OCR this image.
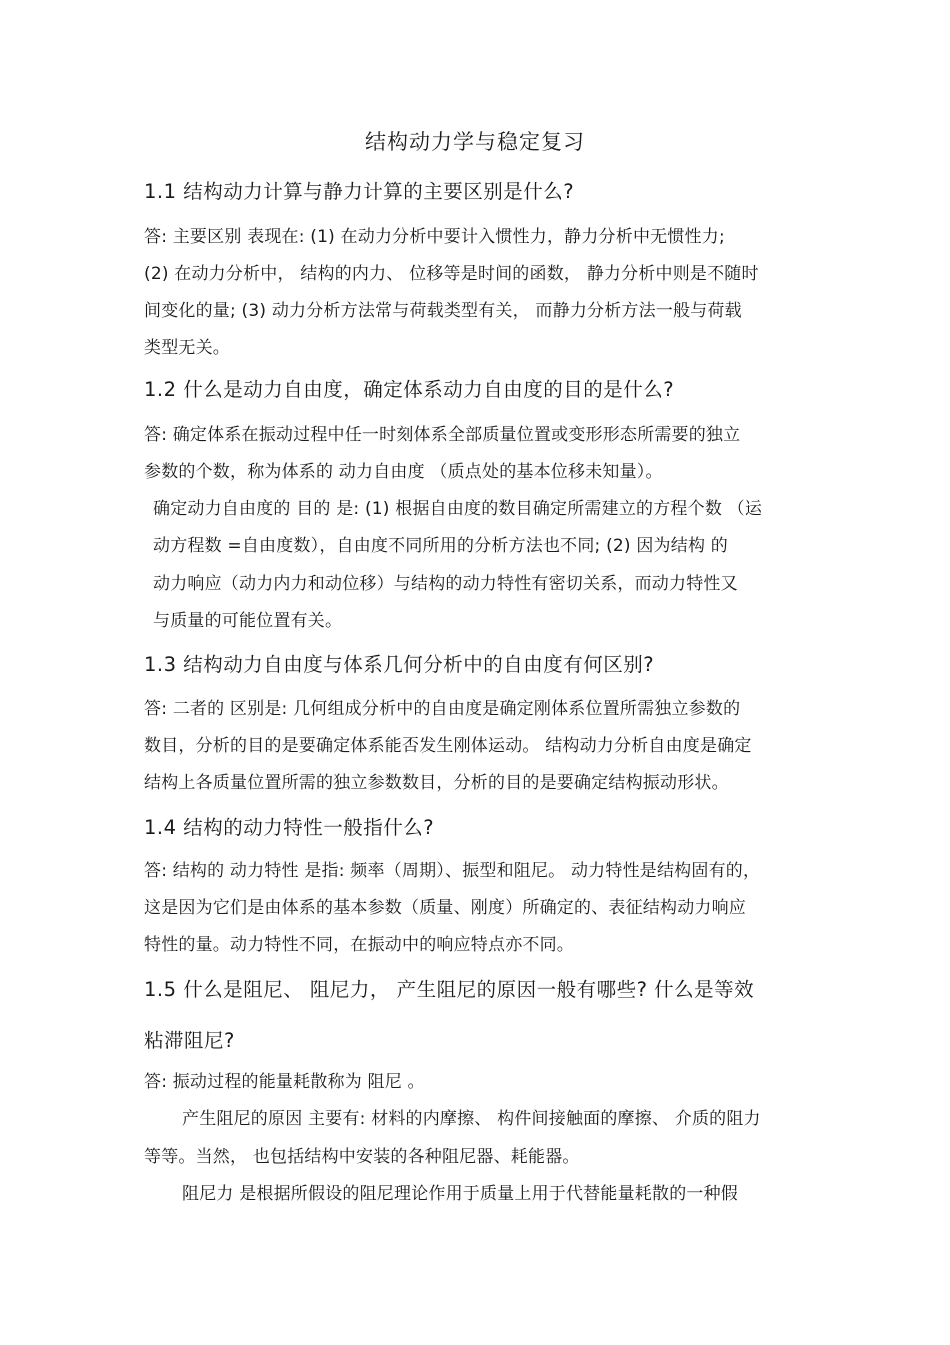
结构动力学与稳定复习
1.1 结构动力计算与静力计算的主要区别是什么?
答: 主要区别 表现在: (1) 在动力分析中要计入惯性力，静力分析中无惯性力;
(2) 在动力分析中， 结构的内力、 位移等是时间的函数， 静力分析中则是不随时
间变化的量; (3) 动力分析方法常与荷载类型有关， 而静力分析方法一般与荷载
类型无关。
1.2 什么是动力自由度，确定体系动力自由度的目的是什么?
答: 确定体系在振动过程中任一时刻体系全部质量位置或变形形态所需要的独立
参数的个数，称为体系的 动力自由度 （质点处的基本位移未知量）。
确定动力自由度的 目的 是: (1) 根据自由度的数目确定所需建立的方程个数 （运
动方程数 =自由度数），自由度不同所用的分析方法也不同; (2) 因为结构 的
动力响应（动力内力和动位移）与结构的动力特性有密切关系，而动力特性又
与质量的可能位置有关。
1.3 结构动力自由度与体系几何分析中的自由度有何区别?
答: 二者的 区别是: 几何组成分析中的自由度是确定刚体系位置所需独立参数的
数目，分析的目的是要确定体系能否发生刚体运动。 结构动力分析自由度是确定
结构上各质量位置所需的独立参数数目，分析的目的是要确定结构振动形状。
1.4 结构的动力特性一般指什么?
答: 结构的 动力特性 是指: 频率（周期）、振型和阻尼。 动力特性是结构固有的，
这是因为它们是由体系的基本参数（质量、刚度）所确定的、表征结构动力响应
特性的量。动力特性不同，在振动中的响应特点亦不同。
1.5 什么是阻尼、 阻尼力， 产生阻尼的原因一般有哪些? 什么是等效
粘滞阻尼?
答: 振动过程的能量耗散称为 阻尼 。
产生阻尼的原因 主要有: 材料的内摩擦、 构件间接触面的摩擦、 介质的阻力
等等。当然， 也包括结构中安装的各种阻尼器、耗能器。
阻尼力 是根据所假设的阻尼理论作用于质量上用于代替能量耗散的一种假
